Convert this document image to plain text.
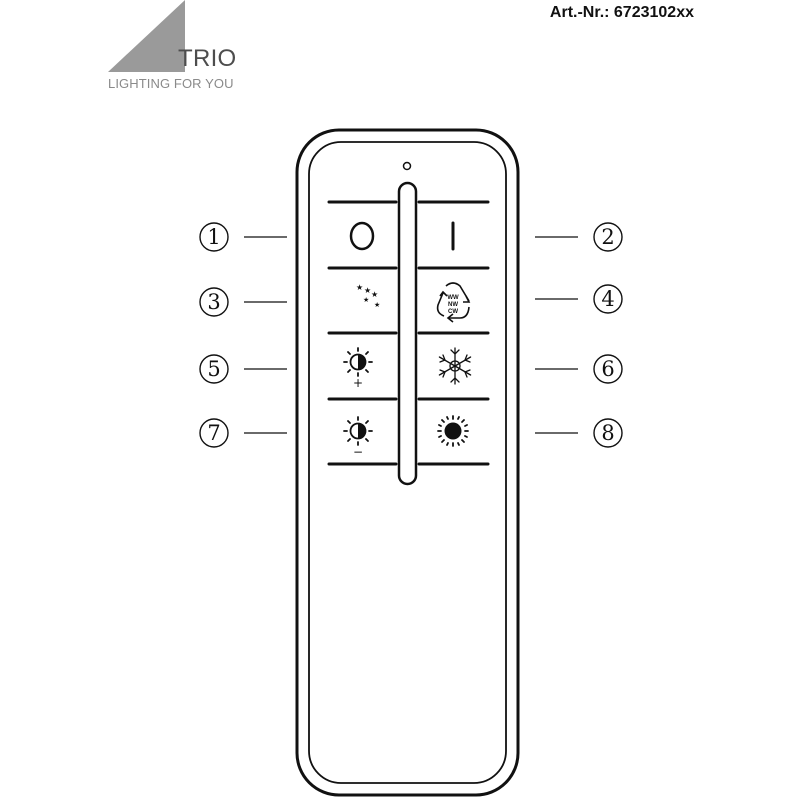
TRIO
LIGHTING FOR YOU
Art.-Nr.: 6723102xx
★ ★ ★
★
★
WW
NW
CW
+
−
1	2
3	4
5	6
7	8
